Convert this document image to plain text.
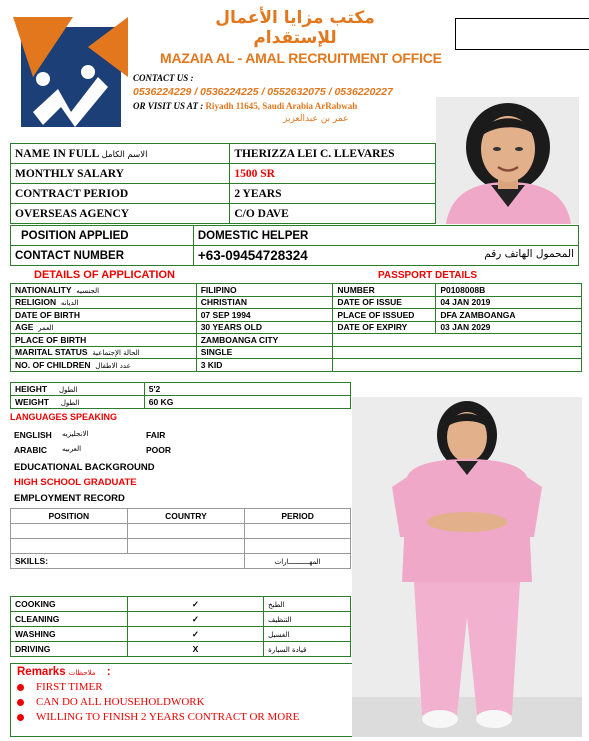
مكتب مزايا الأعمال للإستقدام
MAZAIA AL - AMAL RECRUITMENT OFFICE
CONTACT US :
0536224229 / 0536224225 / 0552632075 / 0536220227
OR VISIT US AT : Riyadh 11645, Saudi Arabia ArRabwah
عمر بن عبدالعزيز
NAME IN FULL الاسم الكامل	THERIZZA LEI C. LLEVARES
MONTHLY SALARY	1500 SR
CONTRACT PERIOD	2 YEARS
OVERSEAS AGENCY	C/O DAVE
POSITION APPLIED	DOMESTIC HELPER
CONTACT NUMBER	+63-09454728324 المحمول الهاتف رقم
DETAILS OF APPLICATION	PASSPORT DETAILS
NATIONALITY الجنسيه	FILIPINO	NUMBER	P0108008B
RELIGION الديانه	CHRISTIAN	DATE OF ISSUE	04 JAN 2019
DATE OF BIRTH	07 SEP 1994	PLACE OF ISSUED	DFA ZAMBOANGA
AGE العمر	30 YEARS OLD	DATE OF EXPIRY	03 JAN 2029
PLACE OF BIRTH	ZAMBOANGA CITY		
MARITAL STATUS الحالة الإجتماعية	SINGLE		
NO. OF CHILDREN عدد الاطفال	3 KID		
HEIGHT الطول	5'2
WEIGHT الطول	60 KG
LANGUAGES SPEAKING
ENGLISH الانجليزيه	FAIR
ARABIC العربيه	POOR
EDUCATIONAL BACKGROUND
HIGH SCHOOL GRADUATE
EMPLOYMENT RECORD
POSITION	COUNTRY	PERIOD

SKILLS:		المهــــــــــارات
COOKING	✓	الطبخ
CLEANING	✓	التنظيف
WASHING	✓	الغسيل
DRIVING	X	قيادة السيارة
Remarks ملاحظات :
FIRST TIMER
CAN DO ALL HOUSEHOLDWORK
WILLING TO FINISH 2 YEARS CONTRACT OR MORE
